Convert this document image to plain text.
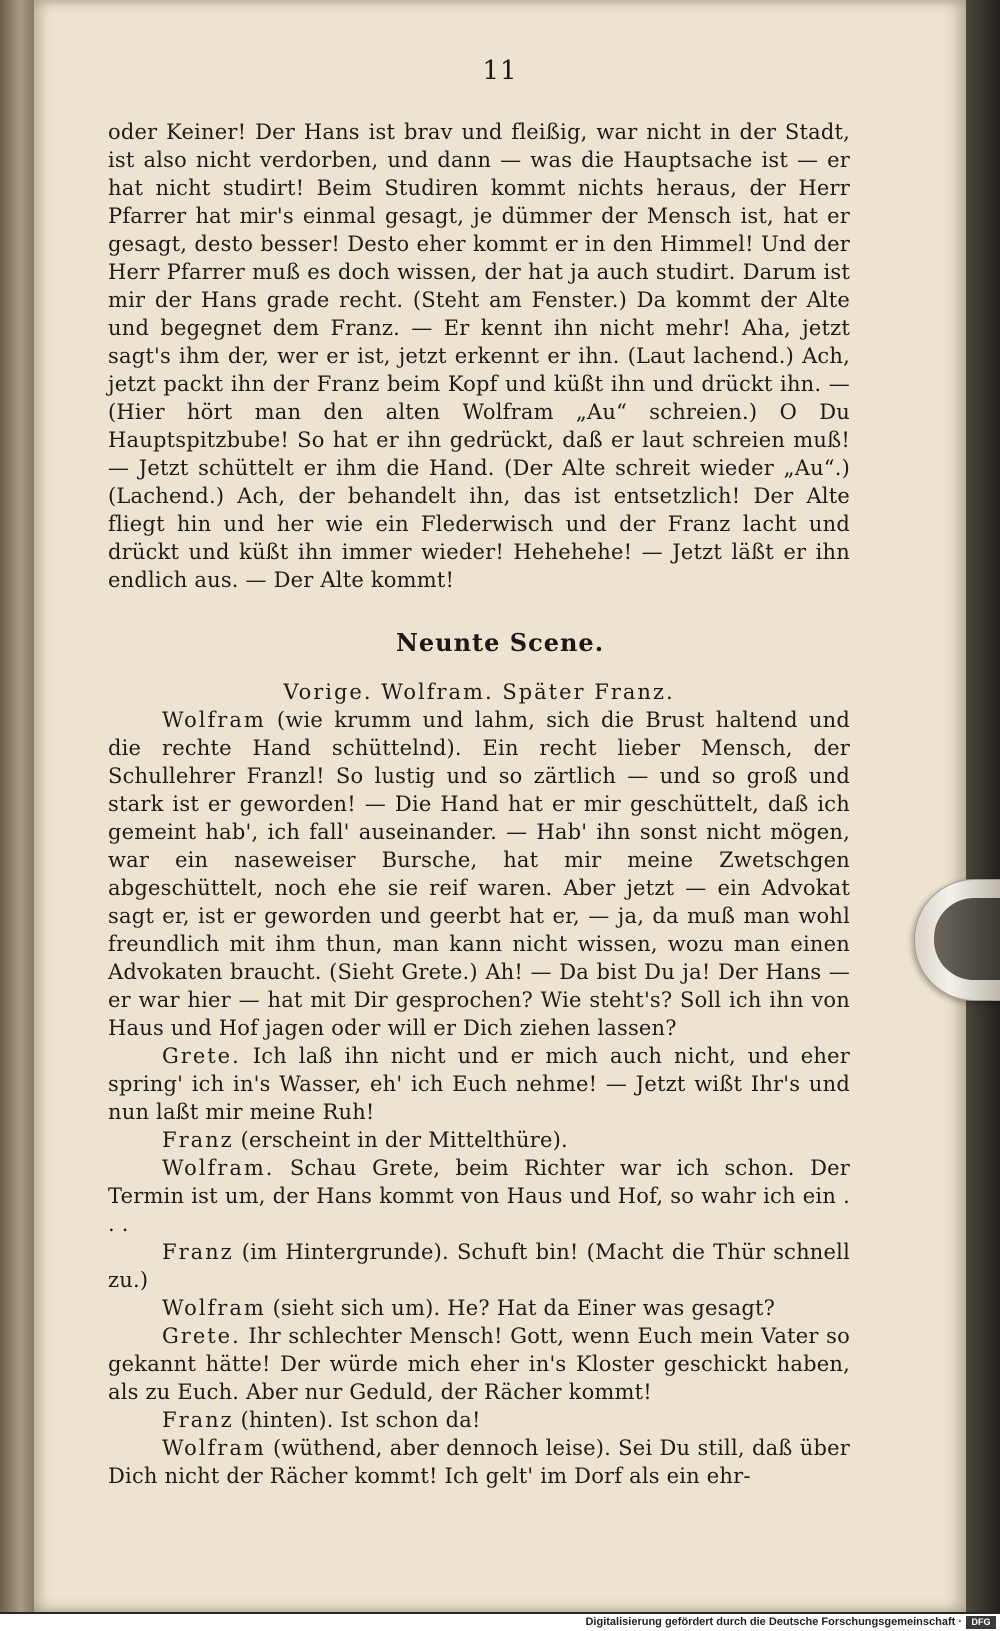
11
oder Keiner! Der Hans ist brav und fleißig, war nicht in der Stadt, ist also nicht verdorben, und dann — was die Hauptsache ist — er hat nicht studirt! Beim Studiren kommt nichts heraus, der Herr Pfarrer hat mir's einmal gesagt, je dümmer der Mensch ist, hat er gesagt, desto besser! Desto eher kommt er in den Himmel! Und der Herr Pfarrer muß es doch wissen, der hat ja auch studirt. Darum ist mir der Hans grade recht. (Steht am Fenster.) Da kommt der Alte und begegnet dem Franz. — Er kennt ihn nicht mehr! Aha, jetzt sagt's ihm der, wer er ist, jetzt erkennt er ihn. (Laut lachend.) Ach, jetzt packt ihn der Franz beim Kopf und küßt ihn und drückt ihn. — (Hier hört man den alten Wolfram „Au“ schreien.) O Du Hauptspitzbube! So hat er ihn gedrückt, daß er laut schreien muß! — Jetzt schüttelt er ihm die Hand. (Der Alte schreit wieder „Au“.) (Lachend.) Ach, der behandelt ihn, das ist entsetzlich! Der Alte fliegt hin und her wie ein Flederwisch und der Franz lacht und drückt und küßt ihn immer wieder! Hehehehe! — Jetzt läßt er ihn endlich aus. — Der Alte kommt!
Neunte Scene.

Vorige. Wolfram. Später Franz.

Wolfram (wie krumm und lahm, sich die Brust haltend und die rechte Hand schüttelnd). Ein recht lieber Mensch, der Schullehrer Franzl! So lustig und so zärtlich — und so groß und stark ist er geworden! — Die Hand hat er mir geschüttelt, daß ich gemeint hab', ich fall' auseinander. — Hab' ihn sonst nicht mögen, war ein naseweiser Bursche, hat mir meine Zwetschgen abgeschüttelt, noch ehe sie reif waren. Aber jetzt — ein Advokat sagt er, ist er geworden und geerbt hat er, — ja, da muß man wohl freundlich mit ihm thun, man kann nicht wissen, wozu man einen Advokaten braucht. (Sieht Grete.) Ah! — Da bist Du ja! Der Hans — er war hier — hat mit Dir gesprochen? Wie steht's? Soll ich ihn von Haus und Hof jagen oder will er Dich ziehen lassen?

Grete. Ich laß ihn nicht und er mich auch nicht, und eher spring' ich in's Wasser, eh' ich Euch nehme! — Jetzt wißt Ihr's und nun laßt mir meine Ruh!

Franz (erscheint in der Mittelthüre).

Wolfram. Schau Grete, beim Richter war ich schon. Der Termin ist um, der Hans kommt von Haus und Hof, so wahr ich ein . . .

Franz (im Hintergrunde). Schuft bin! (Macht die Thür schnell zu.)

Wolfram (sieht sich um). He? Hat da Einer was gesagt?

Grete. Ihr schlechter Mensch! Gott, wenn Euch mein Vater so gekannt hätte! Der würde mich eher in's Kloster geschickt haben, als zu Euch. Aber nur Geduld, der Rächer kommt!

Franz (hinten). Ist schon da!

Wolfram (wüthend, aber dennoch leise). Sei Du still, daß über Dich nicht der Rächer kommt! Ich gelt' im Dorf als ein ehr-

Digitalisierung gefördert durch die Deutsche Forschungsgemeinschaft ·	DFG
